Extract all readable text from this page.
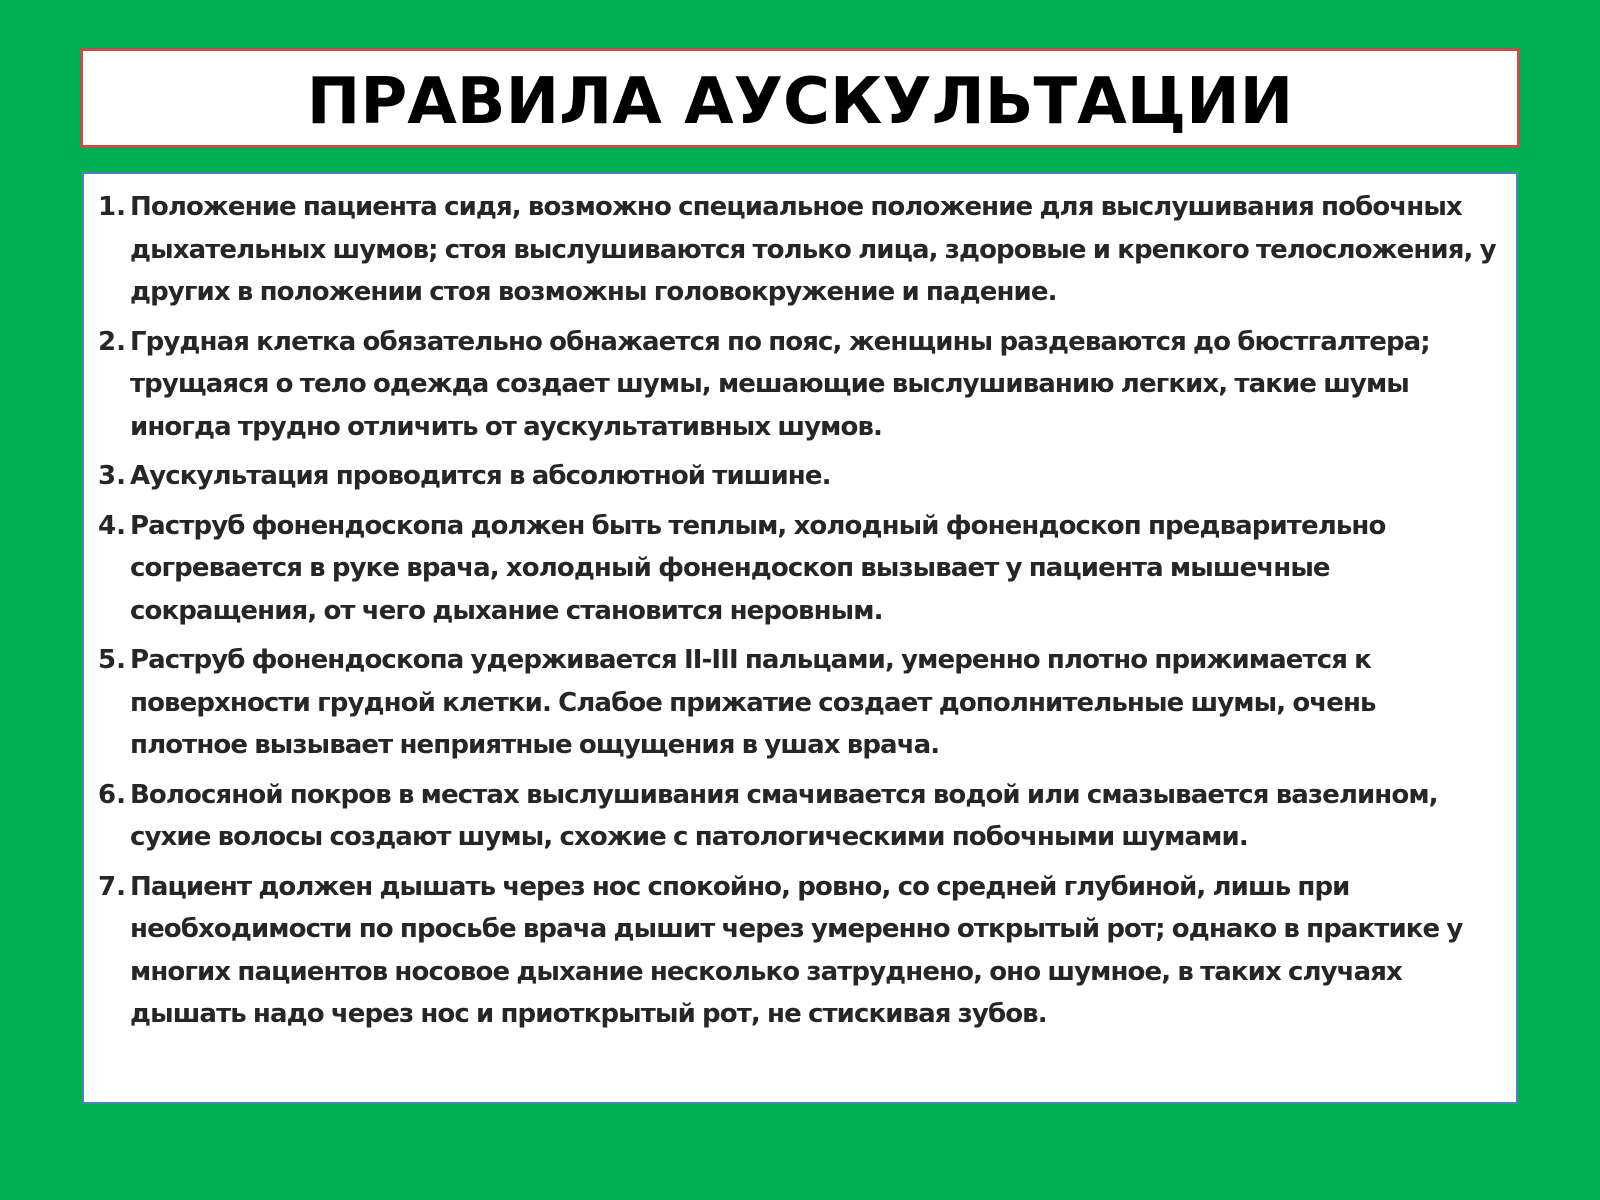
ПРАВИЛА АУСКУЛЬТАЦИИ
1. Положение пациента сидя, возможно специальное положение для выслушивания побочных дыхательных шумов; стоя выслушиваются только лица, здоровые и крепкого телосложения, у других в положении стоя возможны головокружение и падение.
2. Грудная клетка обязательно обнажается по пояс, женщины раздеваются до бюстгалтера; трущаяся о тело одежда создает шумы, мешающие выслушиванию легких, такие шумы иногда трудно отличить от аускультативных шумов.
3. Аускультация проводится в абсолютной тишине.
4. Раструб фонендоскопа должен быть теплым, холодный фонендоскоп предварительно согревается в руке врача, холодный фонендоскоп вызывает у пациента мышечные сокращения, от чего дыхание становится неровным.
5. Раструб фонендоскопа удерживается II-III пальцами, умеренно плотно прижимается к поверхности грудной клетки. Слабое прижатие создает дополнительные шумы, очень плотное вызывает неприятные ощущения в ушах врача.
6. Волосяной покров в местах выслушивания смачивается водой или смазывается вазелином, сухие волосы создают шумы, схожие с патологическими побочными шумами.
7. Пациент должен дышать через нос спокойно, ровно, со средней глубиной, лишь при необходимости по просьбе врача дышит через умеренно открытый рот; однако в практике у многих пациентов носовое дыхание несколько затруднено, оно шумное, в таких случаях дышать надо через нос и приоткрытый рот, не стискивая зубов.
